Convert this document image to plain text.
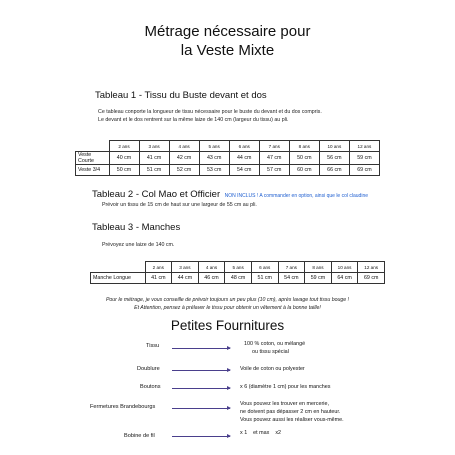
Métrage nécessaire pour
la Veste Mixte
Tableau 1 - Tissu du Buste devant et dos
Ce tableau conporte la longueur de tissu nécessaire pour le buste du devant et du dos compris.
Le devant et le dos rentrent sur la même laize de 140 cm (largeur du tissu) au pli.
	2 ans	3 ans	4 ans	5 ans	6 ans	7 ans	8 ans	10 ans	12 ans
Veste Courte	40 cm	41 cm	42 cm	43 cm	44 cm	47 cm	50 cm	56 cm	59 cm
Veste 3/4	50 cm	51 cm	52 cm	53 cm	54 cm	57 cm	60 cm	66 cm	69 cm
Tableau 2 - Col Mao et Officier NON INCLUS ! A commander en option, ainsi que le col claudine
Prévoir un tissu de 15 cm de haut sur une largeur de 55 cm au pli.
Tableau 3 - Manches
Prévoyez une laize de 140 cm.
	2 ans	3 ans	4 ans	5 ans	6 ans	7 ans	8 ans	10 ans	12 ans
Manche Longue	41 cm	44 cm	46 cm	48 cm	51 cm	54 cm	59 cm	64 cm	69 cm
Pour le métrage, je vous conseille de prévoir toujours un peu plus (10 cm), après lavage tout tissu bouge !
Et Attention, pensez à prélaver le tissu pour obtenir un vêtement à la bonne taille!
Petites Fournitures
Tissu	100 % coton, ou mélangé
ou tissu spécial
Doublure	Voile de coton ou polyester
Boutons	x 6 (diamètre 1 cm) pour les manches
Fermetures Brandebourgs	Vous pouvez les trouver en mercerie,
ne doivent pas dépasser 2 cm en hauteur.
Vous pouvez aussi les réaliser vous-même.
Bobine de fil	x 1    et max    x2
